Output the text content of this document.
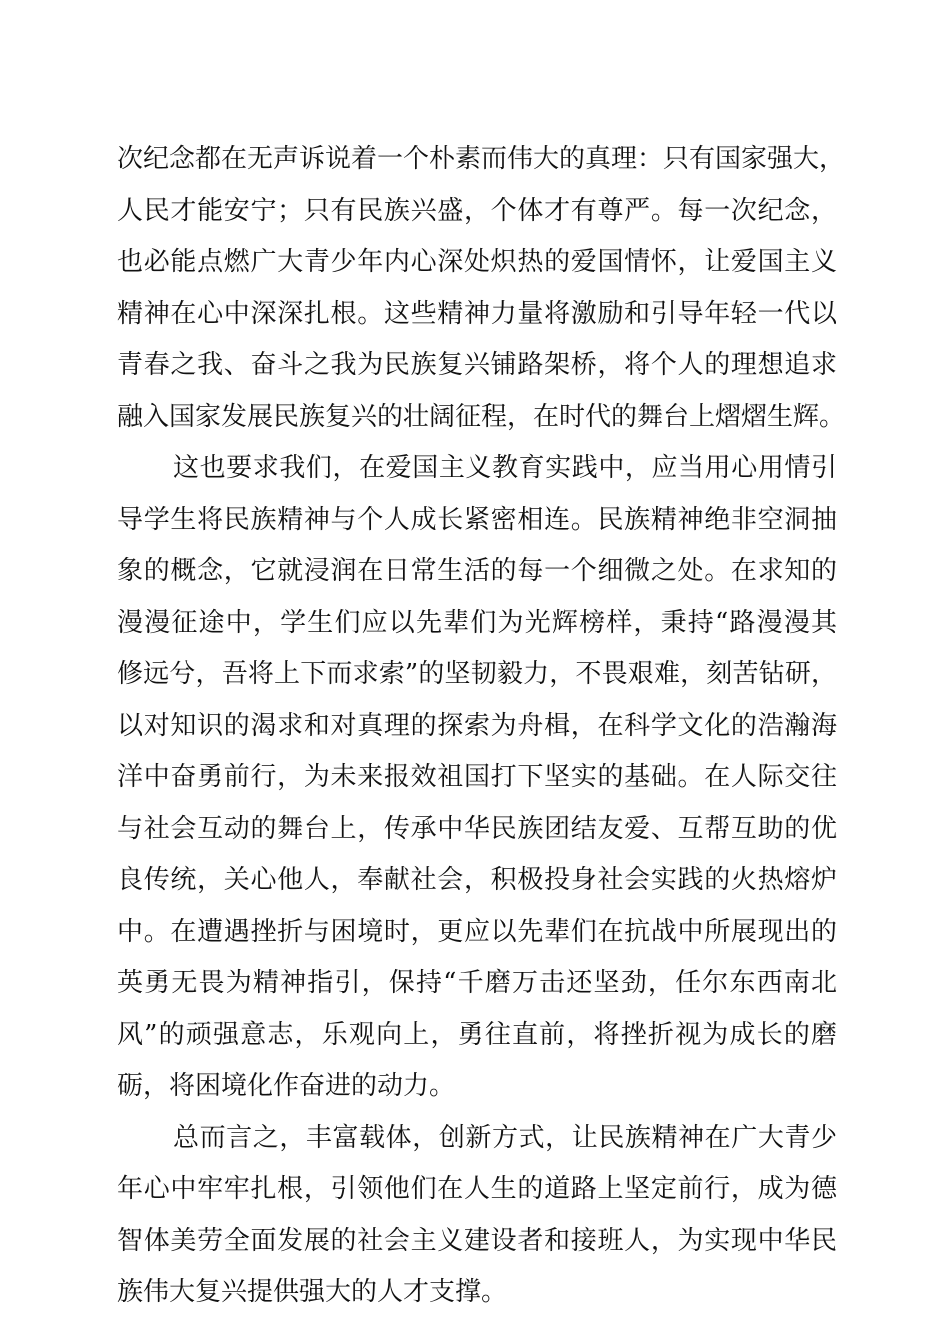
次纪念都在无声诉说着一个朴素而伟大的真理：只有国家强大，
人民才能安宁；只有民族兴盛，个体才有尊严。每一次纪念，
也必能点燃广大青少年内心深处炽热的爱国情怀，让爱国主义
精神在心中深深扎根。这些精神力量将激励和引导年轻一代以
青春之我、奋斗之我为民族复兴铺路架桥，将个人的理想追求
融入国家发展民族复兴的壮阔征程，在时代的舞台上熠熠生辉。
这也要求我们，在爱国主义教育实践中，应当用心用情引
导学生将民族精神与个人成长紧密相连。民族精神绝非空洞抽
象的概念，它就浸润在日常生活的每一个细微之处。在求知的
漫漫征途中，学生们应以先辈们为光辉榜样，秉持“路漫漫其
修远兮，吾将上下而求索”的坚韧毅力，不畏艰难，刻苦钻研，
以对知识的渴求和对真理的探索为舟楫，在科学文化的浩瀚海
洋中奋勇前行，为未来报效祖国打下坚实的基础。在人际交往
与社会互动的舞台上，传承中华民族团结友爱、互帮互助的优
良传统，关心他人，奉献社会，积极投身社会实践的火热熔炉
中。在遭遇挫折与困境时，更应以先辈们在抗战中所展现出的
英勇无畏为精神指引，保持“千磨万击还坚劲，任尔东西南北
风”的顽强意志，乐观向上，勇往直前，将挫折视为成长的磨
砺，将困境化作奋进的动力。
总而言之，丰富载体，创新方式，让民族精神在广大青少
年心中牢牢扎根，引领他们在人生的道路上坚定前行，成为德
智体美劳全面发展的社会主义建设者和接班人，为实现中华民
族伟大复兴提供强大的人才支撑。
